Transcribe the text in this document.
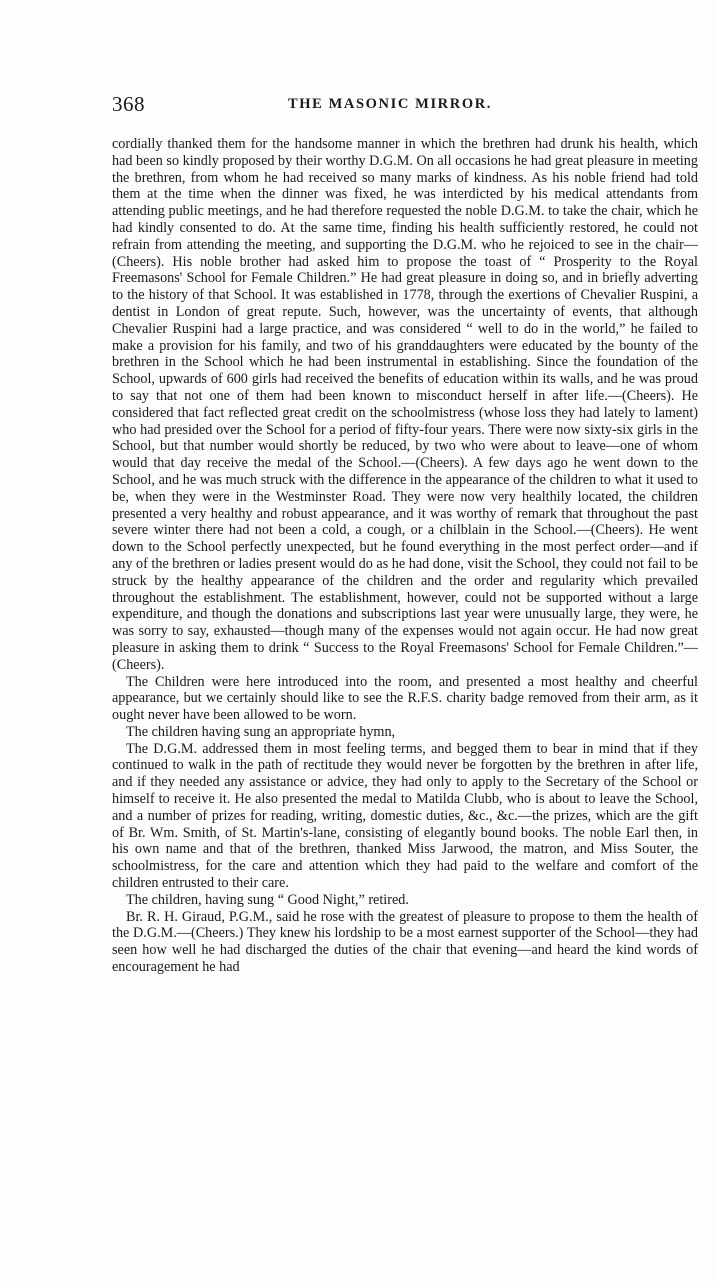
368	THE MASONIC MIRROR.

cordially thanked them for the handsome manner in which the brethren had drunk his health, which had been so kindly proposed by their worthy D.G.M. On all occasions he had great pleasure in meeting the brethren, from whom he had received so many marks of kindness. As his noble friend had told them at the time when the dinner was fixed, he was interdicted by his medical attendants from attending public meetings, and he had therefore requested the noble D.G.M. to take the chair, which he had kindly consented to do. At the same time, finding his health sufficiently restored, he could not refrain from attending the meeting, and supporting the D.G.M. who he rejoiced to see in the chair—(Cheers). His noble brother had asked him to propose the toast of “ Prosperity to the Royal Freemasons' School for Female Children.” He had great pleasure in doing so, and in briefly adverting to the history of that School. It was established in 1778, through the exertions of Chevalier Ruspini, a dentist in London of great repute. Such, however, was the uncertainty of events, that although Chevalier Ruspini had a large practice, and was considered “ well to do in the world,” he failed to make a provision for his family, and two of his granddaughters were educated by the bounty of the brethren in the School which he had been instrumental in establishing. Since the foundation of the School, upwards of 600 girls had received the benefits of education within its walls, and he was proud to say that not one of them had been known to misconduct herself in after life.—(Cheers). He considered that fact reflected great credit on the schoolmistress (whose loss they had lately to lament) who had presided over the School for a period of fifty-four years. There were now sixty-six girls in the School, but that number would shortly be reduced, by two who were about to leave—one of whom would that day receive the medal of the School.—(Cheers). A few days ago he went down to the School, and he was much struck with the difference in the appearance of the children to what it used to be, when they were in the Westminster Road. They were now very healthily located, the children presented a very healthy and robust appearance, and it was worthy of remark that throughout the past severe winter there had not been a cold, a cough, or a chilblain in the School.—(Cheers). He went down to the School perfectly unexpected, but he found everything in the most perfect order—and if any of the brethren or ladies present would do as he had done, visit the School, they could not fail to be struck by the healthy appearance of the children and the order and regularity which prevailed throughout the establishment. The establishment, however, could not be supported without a large expenditure, and though the donations and subscriptions last year were unusually large, they were, he was sorry to say, exhausted—though many of the expenses would not again occur. He had now great pleasure in asking them to drink “ Success to the Royal Freemasons' School for Female Children.”—(Cheers).

The Children were here introduced into the room, and presented a most healthy and cheerful appearance, but we certainly should like to see the R.F.S. charity badge removed from their arm, as it ought never have been allowed to be worn.

The children having sung an appropriate hymn,

The D.G.M. addressed them in most feeling terms, and begged them to bear in mind that if they continued to walk in the path of rectitude they would never be forgotten by the brethren in after life, and if they needed any assistance or advice, they had only to apply to the Secretary of the School or himself to receive it. He also presented the medal to Matilda Clubb, who is about to leave the School, and a number of prizes for reading, writing, domestic duties, &c., &c.—the prizes, which are the gift of Br. Wm. Smith, of St. Martin's-lane, consisting of elegantly bound books. The noble Earl then, in his own name and that of the brethren, thanked Miss Jarwood, the matron, and Miss Souter, the schoolmistress, for the care and attention which they had paid to the welfare and comfort of the children entrusted to their care.

The children, having sung “ Good Night,” retired.

Br. R. H. Giraud, P.G.M., said he rose with the greatest of pleasure to propose to them the health of the D.G.M.—(Cheers.) They knew his lordship to be a most earnest supporter of the School—they had seen how well he had discharged the duties of the chair that evening—and heard the kind words of encouragement he had
